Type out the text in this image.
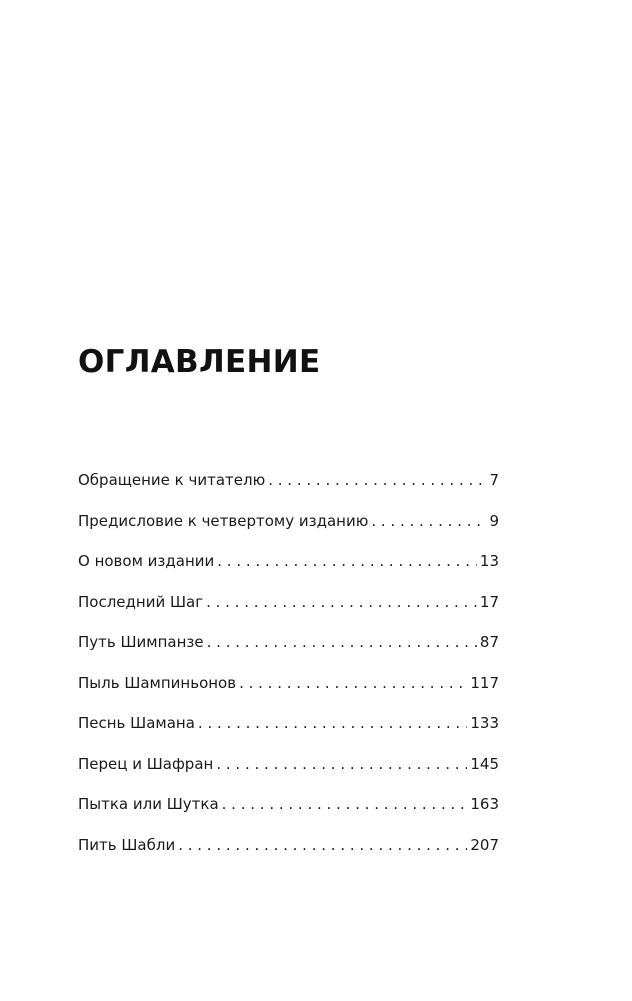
ОГЛАВЛЕНИЕ
Обращение к читателю . . .	7
Предисловие к четвертому изданию . . .	9
О новом издании . . .	13
Последний Шаг . . .	17
Путь Шимпанзе . . .	87
Пыль Шампиньонов . . .	117
Песнь Шамана . . .	133
Перец и Шафран . . .	145
Пытка или Шутка . . .	163
Пить Шабли . . .	207
